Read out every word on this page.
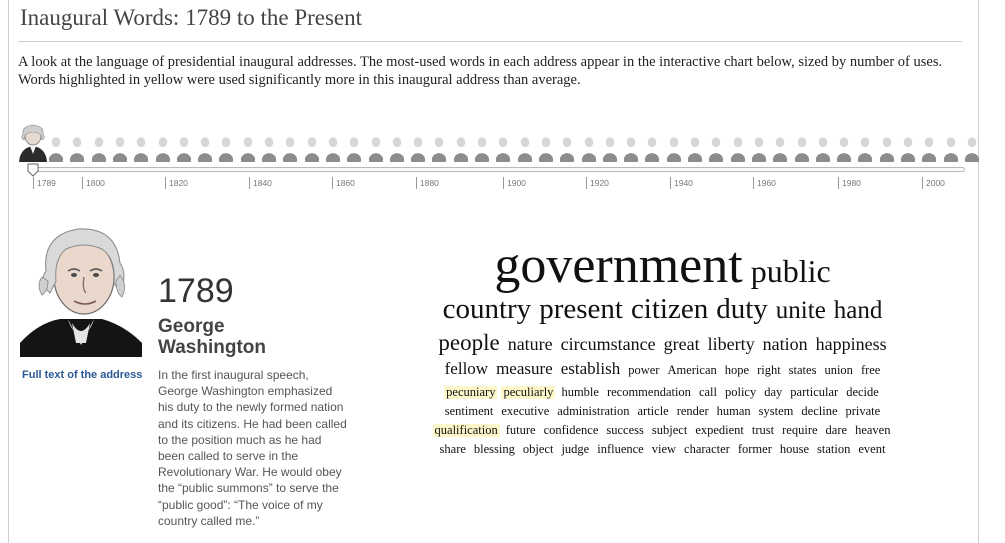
Inaugural Words: 1789 to the Present
A look at the language of presidential inaugural addresses. The most-used words in each address appear in the interactive chart below, sized by number of uses. Words highlighted in yellow were used significantly more in this inaugural address than average.
1789	1800	1820	1840	1860	1880	1900	1920	1940	1960	1980	2000
Full text of the address
1789
George
Washington
In the first inaugural speech, George Washington emphasized his duty to the newly formed nation and its citizens. He had been called to the position much as he had been called to serve in the Revolutionary War. He would obey the “public summons” to serve the “public good”: “The voice of my country called me.”
government public
country present citizen duty unite hand
people nature circumstance great liberty nation happiness
fellow measure establish power American hope right states union free
pecuniary peculiarly humble recommendation call policy day particular decide
sentiment executive administration article render human system decline private
qualification future confidence success subject expedient trust require dare heaven
share blessing object judge influence view character former house station event
